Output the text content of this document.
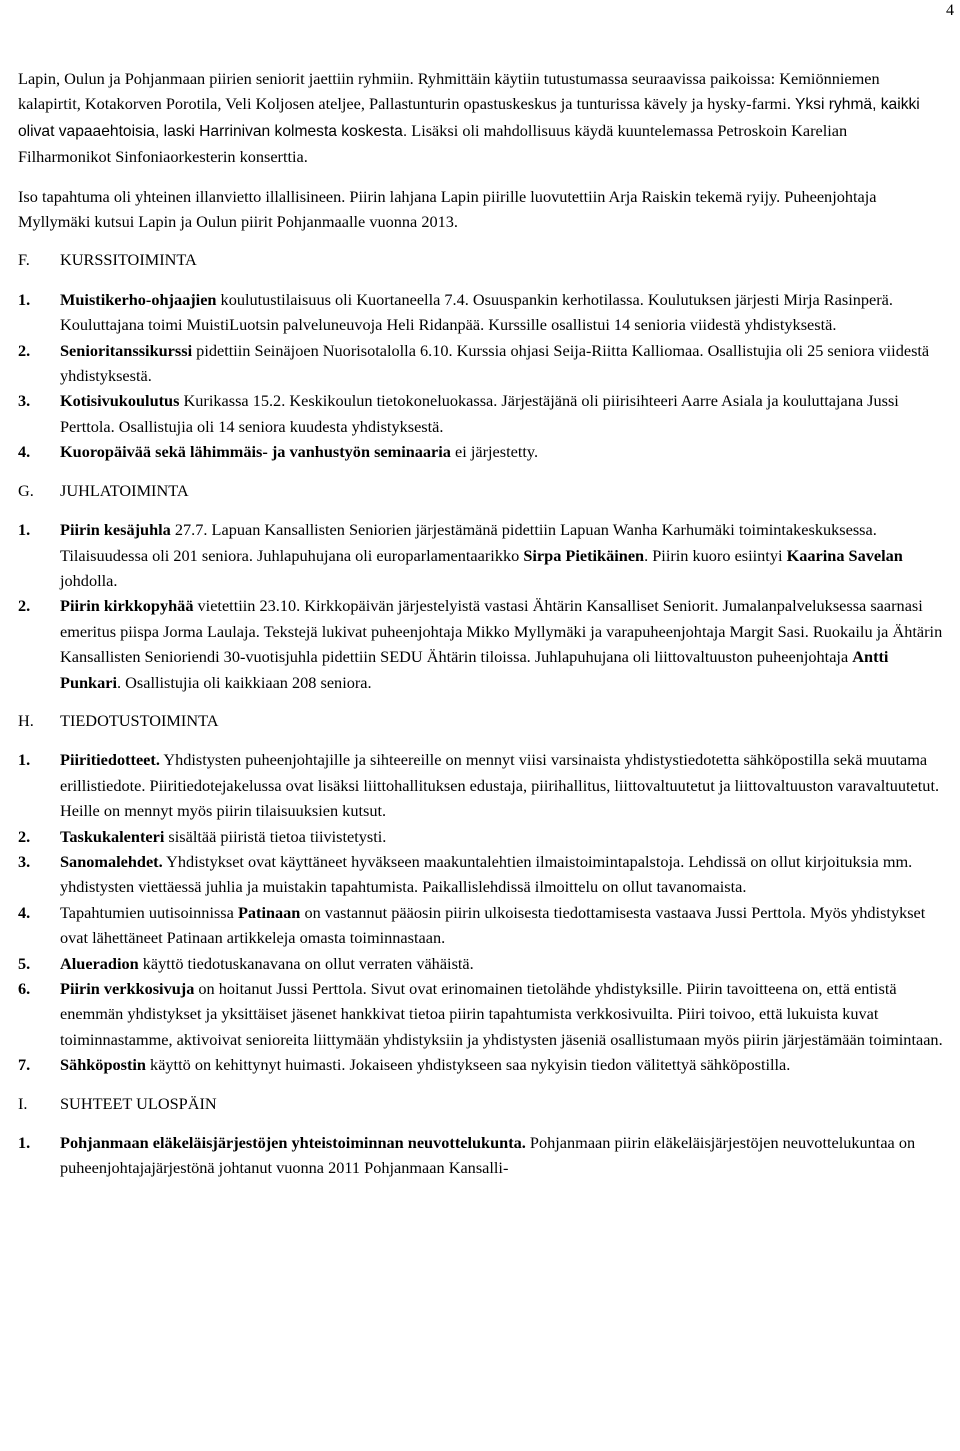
4

Lapin, Oulun ja Pohjanmaan piirien seniorit jaettiin ryhmiin. Ryhmittäin käytiin tutustumassa seuraavissa paikoissa: Kemiönniemen kalapirtit, Kotakorven Porotila, Veli Koljosen ateljee, Pallastunturin opastuskeskus ja tunturissa kävely ja hysky-farmi. Yksi ryhmä, kaikki olivat vapaaehtoisia, laski Harrinivan kolmesta koskesta. Lisäksi oli mahdollisuus käydä kuuntelemassa Petroskoin Karelian Filharmonikot Sinfoniaorkesterin konserttia.

Iso tapahtuma oli yhteinen illanvietto illallisineen. Piirin lahjana Lapin piirille luovutettiin Arja Raiskin tekemä ryijy. Puheenjohtaja Myllymäki kutsui Lapin ja Oulun piirit Pohjanmaalle vuonna 2013.

F.	KURSSITOIMINTA
1.	Muistikerho-ohjaajien koulutustilaisuus oli Kuortaneella 7.4. Osuuspankin kerhotilassa. Koulutuksen järjesti Mirja Rasinperä. Kouluttajana toimi MuistiLuotsin palveluneuvoja Heli Ridanpää. Kurssille osallistui 14 senioria viidestä yhdistyksestä.
2.	Senioritanssikurssi pidettiin Seinäjoen Nuorisotalolla 6.10. Kurssia ohjasi Seija-Riitta Kalliomaa. Osallistujia oli 25 seniora viidestä yhdistyksestä.
3.	Kotisivukoulutus Kurikassa 15.2. Keskikoulun tietokoneluokassa. Järjestäjänä oli piirisihteeri Aarre Asiala ja kouluttajana Jussi Perttola. Osallistujia oli 14 seniora kuudesta yhdistyksestä.
4.	Kuoropäivää sekä lähimmäis- ja vanhustyön seminaaria ei järjestetty.
G.	JUHLATOIMINTA
1.	Piirin kesäjuhla 27.7. Lapuan Kansallisten Seniorien järjestämänä pidettiin Lapuan Wanha Karhumäki toimintakeskuksessa. Tilaisuudessa oli 201 seniora. Juhlapuhujana oli europarlamentaarikko Sirpa Pietikäinen. Piirin kuoro esiintyi Kaarina Savelan johdolla.
2.	Piirin kirkkopyhää vietettiin 23.10. Kirkkopäivän järjestelyistä vastasi Ähtärin Kansalliset Seniorit. Jumalanpalveluksessa saarnasi emeritus piispa Jorma Laulaja. Tekstejä lukivat puheenjohtaja Mikko Myllymäki ja varapuheenjohtaja Margit Sasi. Ruokailu ja Ähtärin Kansallisten Senioriendi 30-vuotisjuhla pidettiin SEDU Ähtärin tiloissa. Juhlapuhujana oli liittovaltuuston puheenjohtaja Antti Punkari. Osallistujia oli kaikkiaan 208 seniora.
H.	TIEDOTUSTOIMINTA
1.	Piiritiedotteet. Yhdistysten puheenjohtajille ja sihteereille on mennyt viisi varsinaista yhdistystiedotetta sähköpostilla sekä muutama erillistiedote. Piiritiedotejakelussa ovat lisäksi liittohallituksen edustaja, piirihallitus, liittovaltuutetut ja liittovaltuuston varavaltuutetut. Heille on mennyt myös piirin tilaisuuksien kutsut.
2.	Taskukalenteri sisältää piiristä tietoa tiivistetysti.
3.	Sanomalehdet. Yhdistykset ovat käyttäneet hyväkseen maakuntalehtien ilmaistoimintapalstoja. Lehdissä on ollut kirjoituksia mm. yhdistysten viettäessä juhlia ja muistakin tapahtumista. Paikallislehdissä ilmoittelu on ollut tavanomaista.
4.	Tapahtumien uutisoinnissa Patinaan on vastannut pääosin piirin ulkoisesta tiedottamisesta vastaava Jussi Perttola. Myös yhdistykset ovat lähettäneet Patinaan artikkeleja omasta toiminnastaan.
5.	Alueradion käyttö tiedotuskanavana on ollut verraten vähäistä.
6.	Piirin verkkosivuja on hoitanut Jussi Perttola. Sivut ovat erinomainen tietolähde yhdistyksille. Piirin tavoitteena on, että entistä enemmän yhdistykset ja yksittäiset jäsenet hankkivat tietoa piirin tapahtumista verkkosivuilta. Piiri toivoo, että lukuista kuvat toiminnastamme, aktivoivat senioreita liittymään yhdistyksiin ja yhdistysten jäseniä osallistumaan myös piirin järjestämään toimintaan.
7.	Sähköpostin käyttö on kehittynyt huimasti. Jokaiseen yhdistykseen saa nykyisin tiedon välitettyä sähköpostilla.
I.	SUHTEET ULOSPÄIN
1.	Pohjanmaan eläkeläisjärjestöjen yhteistoiminnan neuvottelukunta. Pohjanmaan piirin eläkeläisjärjestöjen neuvottelukuntaa on puheenjohtajajärjestönä johtanut vuonna 2011 Pohjanmaan Kansalli-
